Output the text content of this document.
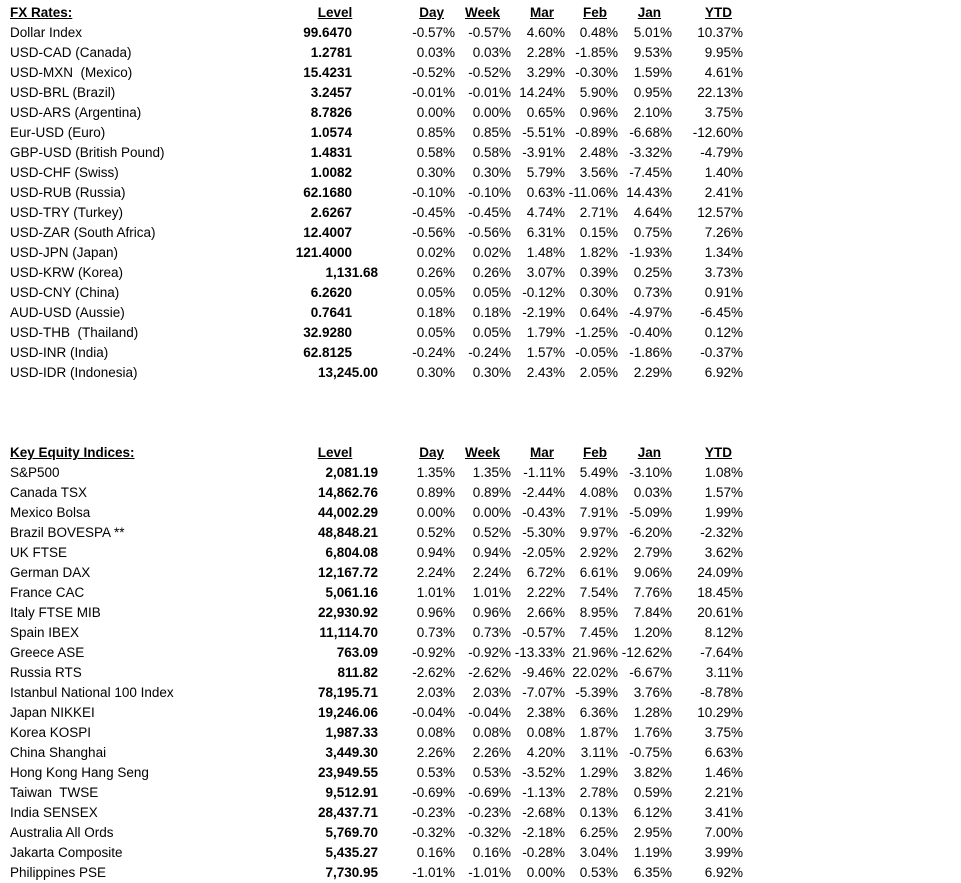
FX Rates:	Level	Day	Week	Mar	Feb	Jan	YTD
Dollar Index	99.6470	-0.57%	-0.57%	4.60%	0.48%	5.01%	10.37%
USD-CAD (Canada)	1.2781	0.03%	0.03%	2.28%	-1.85%	9.53%	9.95%
USD-MXN  (Mexico)	15.4231	-0.52%	-0.52%	3.29%	-0.30%	1.59%	4.61%
USD-BRL (Brazil)	3.2457	-0.01%	-0.01%	14.24%	5.90%	0.95%	22.13%
USD-ARS (Argentina)	8.7826	0.00%	0.00%	0.65%	0.96%	2.10%	3.75%
Eur-USD (Euro)	1.0574	0.85%	0.85%	-5.51%	-0.89%	-6.68%	-12.60%
GBP-USD (British Pound)	1.4831	0.58%	0.58%	-3.91%	2.48%	-3.32%	-4.79%
USD-CHF (Swiss)	1.0082	0.30%	0.30%	5.79%	3.56%	-7.45%	1.40%
USD-RUB (Russia)	62.1680	-0.10%	-0.10%	0.63%	-11.06%	14.43%	2.41%
USD-TRY (Turkey)	2.6267	-0.45%	-0.45%	4.74%	2.71%	4.64%	12.57%
USD-ZAR (South Africa)	12.4007	-0.56%	-0.56%	6.31%	0.15%	0.75%	7.26%
USD-JPN (Japan)	121.4000	0.02%	0.02%	1.48%	1.82%	-1.93%	1.34%
USD-KRW (Korea)	1,131.68	0.26%	0.26%	3.07%	0.39%	0.25%	3.73%
USD-CNY (China)	6.2620	0.05%	0.05%	-0.12%	0.30%	0.73%	0.91%
AUD-USD (Aussie)	0.7641	0.18%	0.18%	-2.19%	0.64%	-4.97%	-6.45%
USD-THB  (Thailand)	32.9280	0.05%	0.05%	1.79%	-1.25%	-0.40%	0.12%
USD-INR (India)	62.8125	-0.24%	-0.24%	1.57%	-0.05%	-1.86%	-0.37%
USD-IDR (Indonesia)	13,245.00	0.30%	0.30%	2.43%	2.05%	2.29%	6.92%
Key Equity Indices:	Level	Day	Week	Mar	Feb	Jan	YTD
S&P500	2,081.19	1.35%	1.35%	-1.11%	5.49%	-3.10%	1.08%
Canada TSX	14,862.76	0.89%	0.89%	-2.44%	4.08%	0.03%	1.57%
Mexico Bolsa	44,002.29	0.00%	0.00%	-0.43%	7.91%	-5.09%	1.99%
Brazil BOVESPA **	48,848.21	0.52%	0.52%	-5.30%	9.97%	-6.20%	-2.32%
UK FTSE	6,804.08	0.94%	0.94%	-2.05%	2.92%	2.79%	3.62%
German DAX	12,167.72	2.24%	2.24%	6.72%	6.61%	9.06%	24.09%
France CAC	5,061.16	1.01%	1.01%	2.22%	7.54%	7.76%	18.45%
Italy FTSE MIB	22,930.92	0.96%	0.96%	2.66%	8.95%	7.84%	20.61%
Spain IBEX	11,114.70	0.73%	0.73%	-0.57%	7.45%	1.20%	8.12%
Greece ASE	763.09	-0.92%	-0.92%	-13.33%	21.96%	-12.62%	-7.64%
Russia RTS	811.82	-2.62%	-2.62%	-9.46%	22.02%	-6.67%	3.11%
Istanbul National 100 Index	78,195.71	2.03%	2.03%	-7.07%	-5.39%	3.76%	-8.78%
Japan NIKKEI	19,246.06	-0.04%	-0.04%	2.38%	6.36%	1.28%	10.29%
Korea KOSPI	1,987.33	0.08%	0.08%	0.08%	1.87%	1.76%	3.75%
China Shanghai	3,449.30	2.26%	2.26%	4.20%	3.11%	-0.75%	6.63%
Hong Kong Hang Seng	23,949.55	0.53%	0.53%	-3.52%	1.29%	3.82%	1.46%
Taiwan  TWSE	9,512.91	-0.69%	-0.69%	-1.13%	2.78%	0.59%	2.21%
India SENSEX	28,437.71	-0.23%	-0.23%	-2.68%	0.13%	6.12%	3.41%
Australia All Ords	5,769.70	-0.32%	-0.32%	-2.18%	6.25%	2.95%	7.00%
Jakarta Composite	5,435.27	0.16%	0.16%	-0.28%	3.04%	1.19%	3.99%
Philippines PSE	7,730.95	-1.01%	-1.01%	0.00%	0.53%	6.35%	6.92%
